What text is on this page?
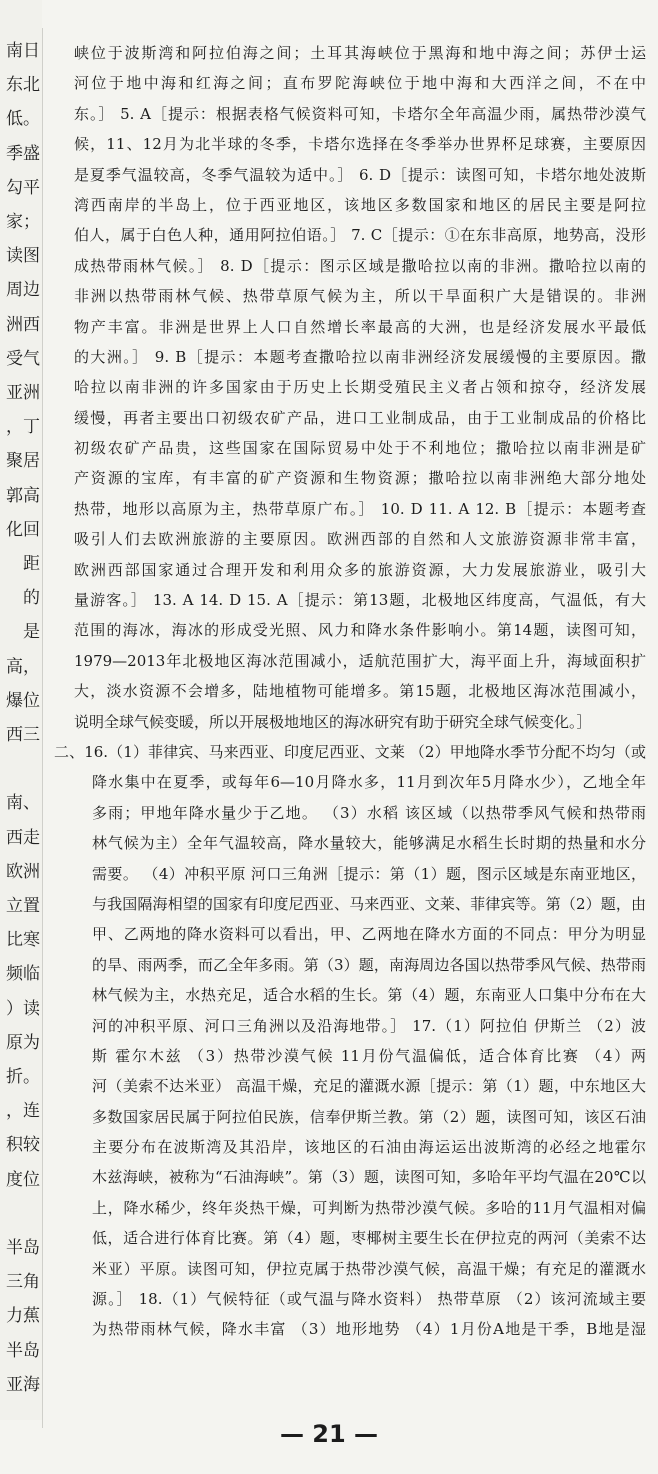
南日
东北
低。
季盛
勾平
家；
读图
周边
洲西
受气
亚洲
，丁
聚居
郭高
化回
距
的
是
高，
爆位
西三
南、
西走
欧洲
立置
比寒
频临
）读
原为
折。
，连
积较
度位
半岛
三角
力蕉
半岛
亚海
峡位于波斯湾和阿拉伯海之间；土耳其海峡位于黑海和地中海之间；苏伊士运
河位于地中海和红海之间；直布罗陀海峡位于地中海和大西洋之间，不在中
东。］ 5. A［提示：根据表格气候资料可知，卡塔尔全年高温少雨，属热带沙漠气
候，11、12月为北半球的冬季，卡塔尔选择在冬季举办世界杯足球赛，主要原因
是夏季气温较高，冬季气温较为适中。］ 6. D［提示：读图可知，卡塔尔地处波斯
湾西南岸的半岛上，位于西亚地区，该地区多数国家和地区的居民主要是阿拉
伯人，属于白色人种，通用阿拉伯语。］ 7. C［提示：①在东非高原，地势高，没形
成热带雨林气候。］ 8. D［提示：图示区域是撒哈拉以南的非洲。撒哈拉以南的
非洲以热带雨林气候、热带草原气候为主，所以干旱面积广大是错误的。非洲
物产丰富。非洲是世界上人口自然增长率最高的大洲，也是经济发展水平最低
的大洲。］ 9. B［提示：本题考查撒哈拉以南非洲经济发展缓慢的主要原因。撒
哈拉以南非洲的许多国家由于历史上长期受殖民主义者占领和掠夺，经济发展
缓慢，再者主要出口初级农矿产品，进口工业制成品，由于工业制成品的价格比
初级农矿产品贵，这些国家在国际贸易中处于不利地位；撒哈拉以南非洲是矿
产资源的宝库，有丰富的矿产资源和生物资源；撒哈拉以南非洲绝大部分地处
热带，地形以高原为主，热带草原广布。］ 10. D 11. A 12. B［提示：本题考查
吸引人们去欧洲旅游的主要原因。欧洲西部的自然和人文旅游资源非常丰富，
欧洲西部国家通过合理开发和利用众多的旅游资源，大力发展旅游业，吸引大
量游客。］ 13. A 14. D 15. A［提示：第13题，北极地区纬度高，气温低，有大
范围的海冰，海冰的形成受光照、风力和降水条件影响小。第14题，读图可知，
1979—2013年北极地区海冰范围减小，适航范围扩大，海平面上升，海域面积扩
大，淡水资源不会增多，陆地植物可能增多。第15题，北极地区海冰范围减小，
说明全球气候变暖，所以开展极地地区的海冰研究有助于研究全球气候变化。］
二、16.（1）菲律宾、马来西亚、印度尼西亚、文莱 （2）甲地降水季节分配不均匀（或
降水集中在夏季，或每年6—10月降水多，11月到次年5月降水少），乙地全年
多雨；甲地年降水量少于乙地。 （3）水稻 该区域（以热带季风气候和热带雨
林气候为主）全年气温较高，降水量较大，能够满足水稻生长时期的热量和水分
需要。 （4）冲积平原 河口三角洲［提示：第（1）题，图示区域是东南亚地区，
与我国隔海相望的国家有印度尼西亚、马来西亚、文莱、菲律宾等。第（2）题，由
甲、乙两地的降水资料可以看出，甲、乙两地在降水方面的不同点：甲分为明显
的旱、雨两季，而乙全年多雨。第（3）题，南海周边各国以热带季风气候、热带雨
林气候为主，水热充足，适合水稻的生长。第（4）题，东南亚人口集中分布在大
河的冲积平原、河口三角洲以及沿海地带。］ 17.（1）阿拉伯 伊斯兰 （2）波
斯 霍尔木兹 （3）热带沙漠气候 11月份气温偏低，适合体育比赛 （4）两
河（美索不达米亚） 高温干燥，充足的灌溉水源［提示：第（1）题，中东地区大
多数国家居民属于阿拉伯民族，信奉伊斯兰教。第（2）题，读图可知，该区石油
主要分布在波斯湾及其沿岸，该地区的石油由海运运出波斯湾的必经之地霍尔
木兹海峡，被称为“石油海峡”。第（3）题，读图可知，多哈年平均气温在20℃以
上，降水稀少，终年炎热干燥，可判断为热带沙漠气候。多哈的11月气温相对偏
低，适合进行体育比赛。第（4）题，枣椰树主要生长在伊拉克的两河（美索不达
米亚）平原。读图可知，伊拉克属于热带沙漠气候，高温干燥；有充足的灌溉水
源。］ 18.（1）气候特征（或气温与降水资料） 热带草原 （2）该河流域主要
为热带雨林气候，降水丰富 （3）地形地势 （4）1月份A地是干季，B地是湿
— 21 —
